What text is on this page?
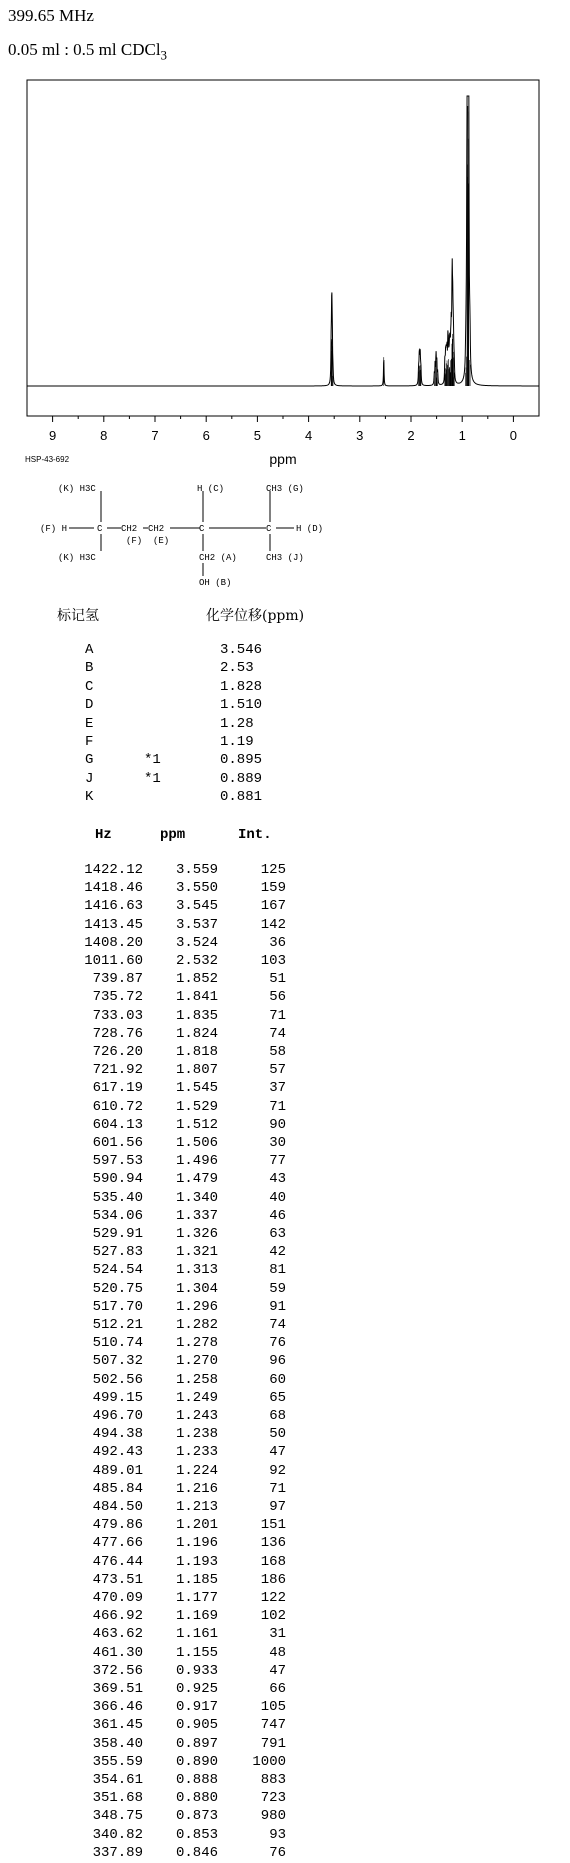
399.65 MHz
0.05 ml : 0.5 ml CDCl$_3$
9	8	7	6	5	4	3	2	1	0
ppm
HSP-43-692
(K) H3C
(F) H	C CH2 CH2	C	C	H (D)
(K) H3C
(F) (E)
H (C)	CH3 (G)
CH2 (A)	CH3 (J)
OH (B)
标记氢	化学位移(ppm)
A	3.546
B	2.53
C	1.828
D	1.510
E	1.28
F	1.19
G	*1	0.895
J	*1	0.889
K	0.881
Hz	ppm	Int.
1422.12	3.559	125
1418.46	3.550	159
1416.63	3.545	167
1413.45	3.537	142
1408.20	3.524	36
1011.60	2.532	103
739.87	1.852	51
735.72	1.841	56
733.03	1.835	71
728.76	1.824	74
726.20	1.818	58
721.92	1.807	57
617.19	1.545	37
610.72	1.529	71
604.13	1.512	90
601.56	1.506	30
597.53	1.496	77
590.94	1.479	43
535.40	1.340	40
534.06	1.337	46
529.91	1.326	63
527.83	1.321	42
524.54	1.313	81
520.75	1.304	59
517.70	1.296	91
512.21	1.282	74
510.74	1.278	76
507.32	1.270	96
502.56	1.258	60
499.15	1.249	65
496.70	1.243	68
494.38	1.238	50
492.43	1.233	47
489.01	1.224	92
485.84	1.216	71
484.50	1.213	97
479.86	1.201	151
477.66	1.196	136
476.44	1.193	168
473.51	1.185	186
470.09	1.177	122
466.92	1.169	102
463.62	1.161	31
461.30	1.155	48
372.56	0.933	47
369.51	0.925	66
366.46	0.917	105
361.45	0.905	747
358.40	0.897	791
355.59	0.890	1000
354.61	0.888	883
351.68	0.880	723
348.75	0.873	980
340.82	0.853	93
337.89	0.846	76
